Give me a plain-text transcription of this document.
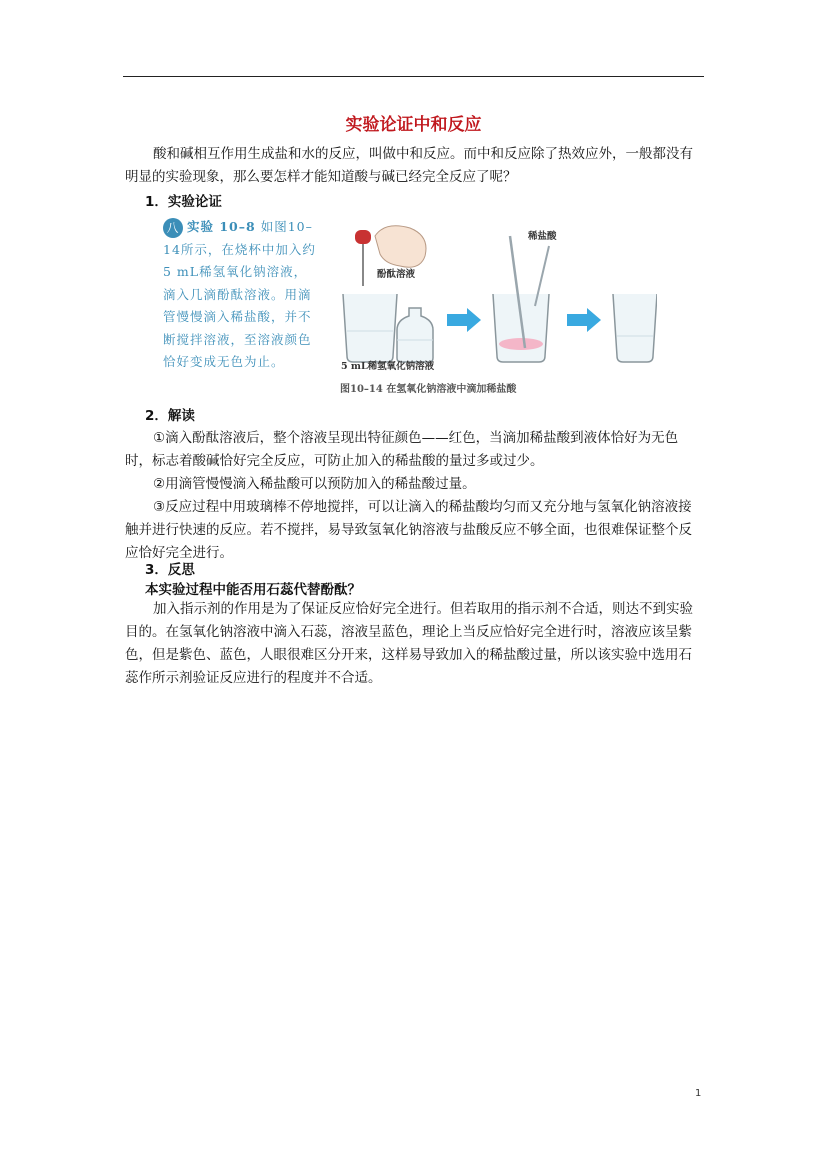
实验论证中和反应

酸和碱相互作用生成盐和水的反应，叫做中和反应。而中和反应除了热效应外，一般都没有明显的实验现象，那么要怎样才能知道酸与碱已经完全反应了呢？

1．实验论证

八 实验 10–8 如图10–14所示，在烧杯中加入约5 mL稀氢氧化钠溶液，滴入几滴酚酞溶液。用滴管慢慢滴入稀盐酸，并不断搅拌溶液，至溶液颜色恰好变成无色为止。

稀盐酸
酚酞溶液
5 mL稀氢氧化钠溶液
图10–14 在氢氧化钠溶液中滴加稀盐酸
2．解读

①滴入酚酞溶液后，整个溶液呈现出特征颜色——红色，当滴加稀盐酸到液体恰好为无色时，标志着酸碱恰好完全反应，可防止加入的稀盐酸的量过多或过少。

②用滴管慢慢滴入稀盐酸可以预防加入的稀盐酸过量。

③反应过程中用玻璃棒不停地搅拌，可以让滴入的稀盐酸均匀而又充分地与氢氧化钠溶液接触并进行快速的反应。若不搅拌，易导致氢氧化钠溶液与盐酸反应不够全面，也很难保证整个反应恰好完全进行。

3．反思
本实验过程中能否用石蕊代替酚酞？

加入指示剂的作用是为了保证反应恰好完全进行。但若取用的指示剂不合适，则达不到实验目的。在氢氧化钠溶液中滴入石蕊，溶液呈蓝色，理论上当反应恰好完全进行时，溶液应该呈紫色，但是紫色、蓝色，人眼很难区分开来，这样易导致加入的稀盐酸过量，所以该实验中选用石蕊作所示剂验证反应进行的程度并不合适。

1
